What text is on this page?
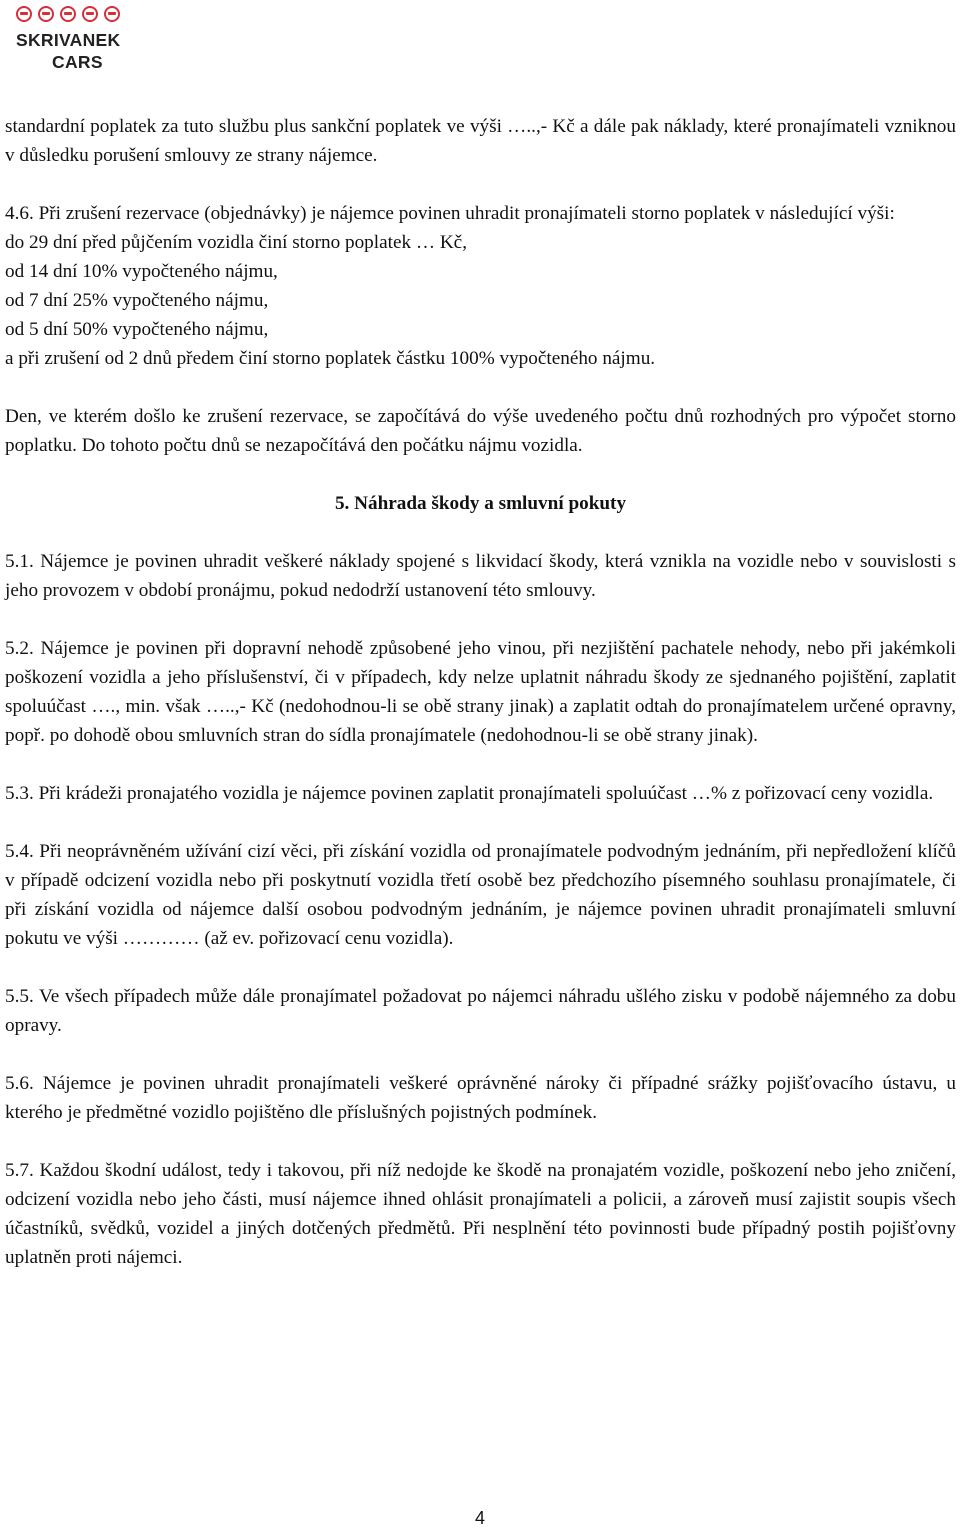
SKRIVANEK
CARS

standardní poplatek za tuto službu plus sankční poplatek ve výši …..,- Kč a dále pak náklady, které pronajímateli vzniknou v důsledku porušení smlouvy ze strany nájemce.

4.6. Při zrušení rezervace (objednávky) je nájemce povinen uhradit pronajímateli storno poplatek v následující výši:
do 29 dní před půjčením vozidla činí storno poplatek … Kč,
od 14 dní 10% vypočteného nájmu,
od 7 dní 25% vypočteného nájmu,
od 5 dní 50% vypočteného nájmu,
a při zrušení od 2 dnů předem činí storno poplatek částku 100% vypočteného nájmu.

Den, ve kterém došlo ke zrušení rezervace, se započítává do výše uvedeného počtu dnů rozhodných pro výpočet storno poplatku. Do tohoto počtu dnů se nezapočítává den počátku nájmu vozidla.

5. Náhrada škody a smluvní pokuty

5.1. Nájemce je povinen uhradit veškeré náklady spojené s likvidací škody, která vznikla na vozidle nebo v souvislosti s jeho provozem v období pronájmu, pokud nedodrží ustanovení této smlouvy.

5.2. Nájemce je povinen při dopravní nehodě způsobené jeho vinou, při nezjištění pachatele nehody, nebo při jakémkoli poškození vozidla a jeho příslušenství, či v případech, kdy nelze uplatnit náhradu škody ze sjednaného pojištění, zaplatit spoluúčast …., min. však …..,- Kč (nedohodnou-li se obě strany jinak) a zaplatit odtah do pronajímatelem určené opravny, popř. po dohodě obou smluvních stran do sídla pronajímatele (nedohodnou-li se obě strany jinak).

5.3. Při krádeži pronajatého vozidla je nájemce povinen zaplatit pronajímateli spoluúčast …% z pořizovací ceny vozidla.

5.4. Při neoprávněném užívání cizí věci, při získání vozidla od pronajímatele podvodným jednáním, při nepředložení klíčů v případě odcizení vozidla nebo při poskytnutí vozidla třetí osobě bez předchozího písemného souhlasu pronajímatele, či při získání vozidla od nájemce další osobou podvodným jednáním, je nájemce povinen uhradit pronajímateli smluvní pokutu ve výši ………… (až ev. pořizovací cenu vozidla).

5.5. Ve všech případech může dále pronajímatel požadovat po nájemci náhradu ušlého zisku v podobě nájemného za dobu opravy.

5.6. Nájemce je povinen uhradit pronajímateli veškeré oprávněné nároky či případné srážky pojišťovacího ústavu, u kterého je předmětné vozidlo pojištěno dle příslušných pojistných podmínek.

5.7. Každou škodní událost, tedy i takovou, při níž nedojde ke škodě na pronajatém vozidle, poškození nebo jeho zničení, odcizení vozidla nebo jeho části, musí nájemce ihned ohlásit pronajímateli a policii, a zároveň musí zajistit soupis všech účastníků, svědků, vozidel a jiných dotčených předmětů. Při nesplnění této povinnosti bude případný postih pojišťovny uplatněn proti nájemci.

4
